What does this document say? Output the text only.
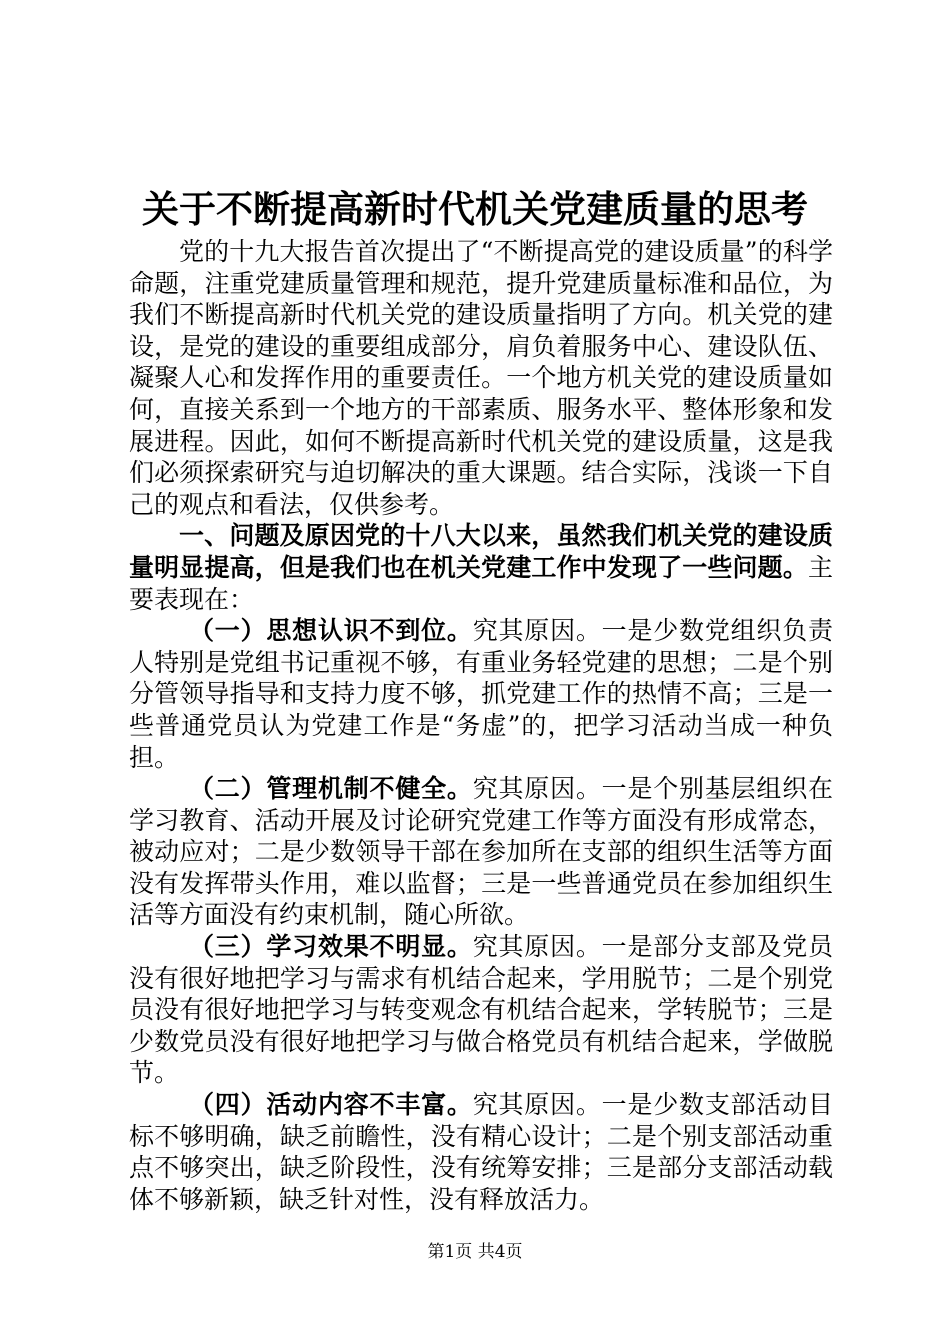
关于不断提高新时代机关党建质量的思考

党的十九大报告首次提出了“不断提高党的建设质量”的科学命题，注重党建质量管理和规范，提升党建质量标准和品位，为我们不断提高新时代机关党的建设质量指明了方向。机关党的建设，是党的建设的重要组成部分，肩负着服务中心、建设队伍、凝聚人心和发挥作用的重要责任。一个地方机关党的建设质量如何，直接关系到一个地方的干部素质、服务水平、整体形象和发展进程。因此，如何不断提高新时代机关党的建设质量，这是我们必须探索研究与迫切解决的重大课题。结合实际，浅谈一下自己的观点和看法，仅供参考。

一、问题及原因党的十八大以来，虽然我们机关党的建设质量明显提高，但是我们也在机关党建工作中发现了一些问题。主要表现在：

（一）思想认识不到位。究其原因。一是少数党组织负责人特别是党组书记重视不够，有重业务轻党建的思想；二是个别分管领导指导和支持力度不够，抓党建工作的热情不高；三是一些普通党员认为党建工作是“务虚”的，把学习活动当成一种负担。

（二）管理机制不健全。究其原因。一是个别基层组织在学习教育、活动开展及讨论研究党建工作等方面没有形成常态，被动应对；二是少数领导干部在参加所在支部的组织生活等方面没有发挥带头作用，难以监督；三是一些普通党员在参加组织生活等方面没有约束机制，随心所欲。

（三）学习效果不明显。究其原因。一是部分支部及党员没有很好地把学习与需求有机结合起来，学用脱节；二是个别党员没有很好地把学习与转变观念有机结合起来，学转脱节；三是少数党员没有很好地把学习与做合格党员有机结合起来，学做脱节。

（四）活动内容不丰富。究其原因。一是少数支部活动目标不够明确，缺乏前瞻性，没有精心设计；二是个别支部活动重点不够突出，缺乏阶段性，没有统筹安排；三是部分支部活动载体不够新颖，缺乏针对性，没有释放活力。

第1页 共4页
